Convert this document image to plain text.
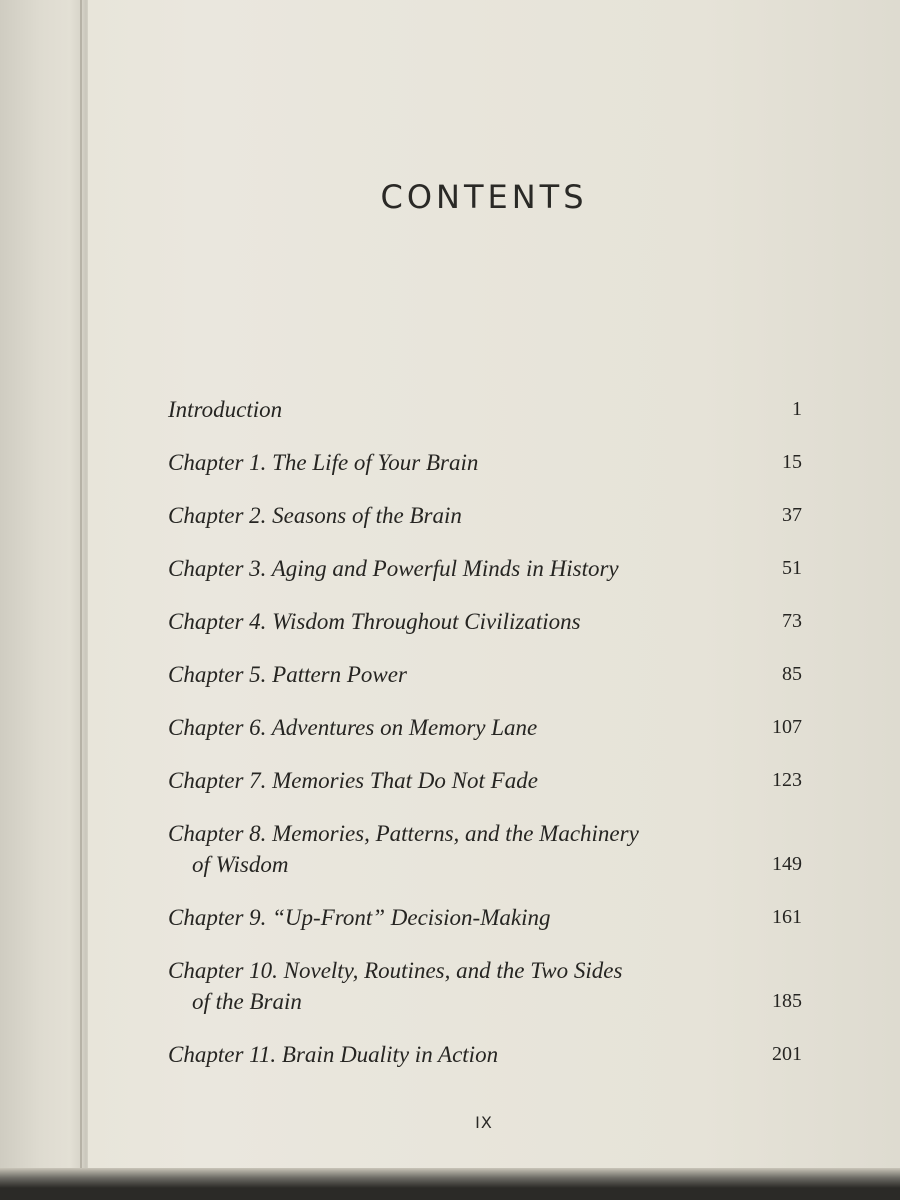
CONTENTS
Introduction	1
Chapter 1. The Life of Your Brain	15
Chapter 2. Seasons of the Brain	37
Chapter 3. Aging and Powerful Minds in History	51
Chapter 4. Wisdom Throughout Civilizations	73
Chapter 5. Pattern Power	85
Chapter 6. Adventures on Memory Lane	107
Chapter 7. Memories That Do Not Fade	123
Chapter 8. Memories, Patterns, and the Machinery
of Wisdom	149
Chapter 9. “Up-Front” Decision-Making	161
Chapter 10. Novelty, Routines, and the Two Sides
of the Brain	185
Chapter 11. Brain Duality in Action	201
IX
